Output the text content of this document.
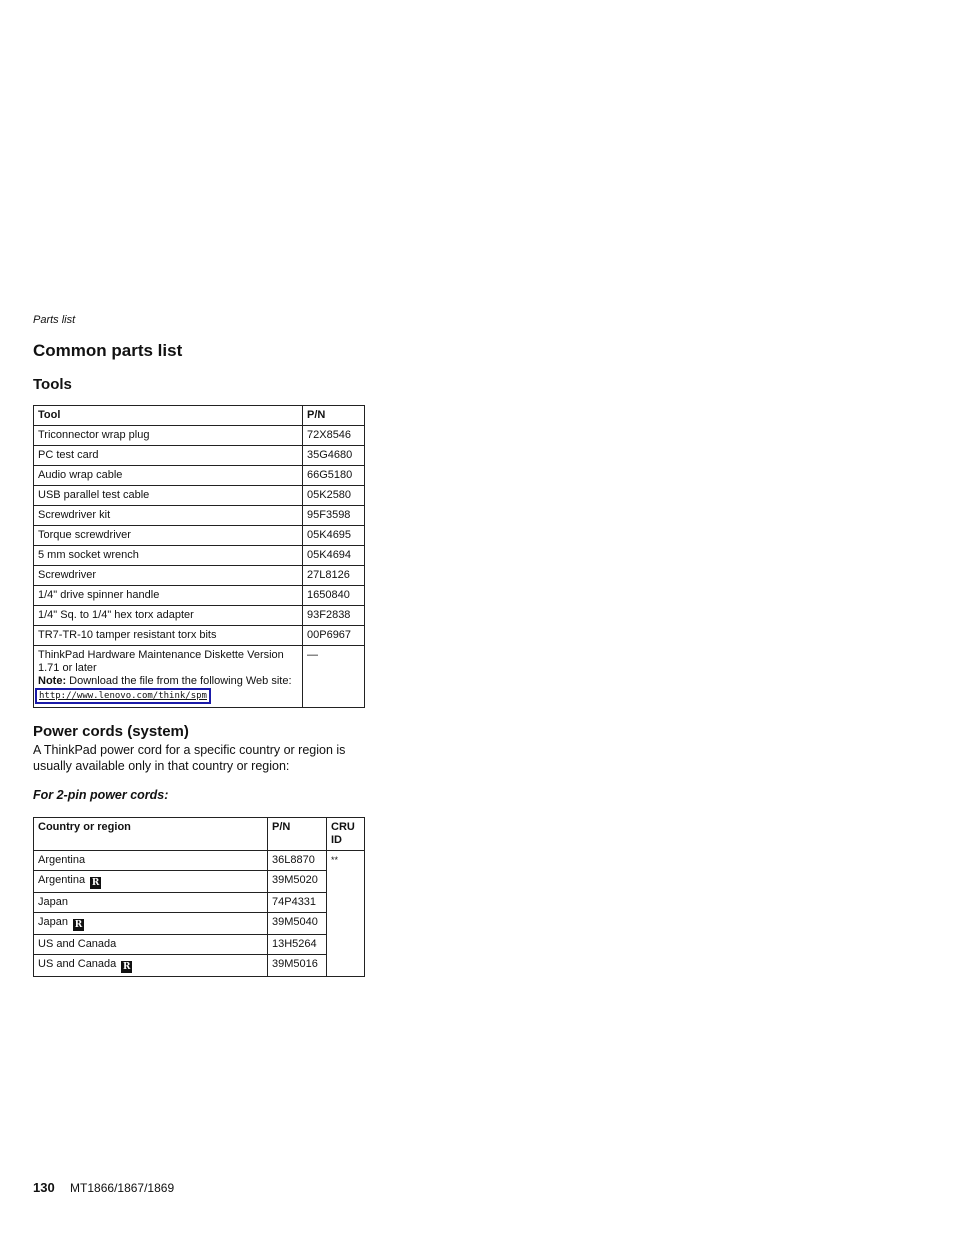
Parts list
Common parts list
Tools
Tool	P/N
Triconnector wrap plug	72X8546
PC test card	35G4680
Audio wrap cable	66G5180
USB parallel test cable	05K2580
Screwdriver kit	95F3598
Torque screwdriver	05K4695
5 mm socket wrench	05K4694
Screwdriver	27L8126
1/4" drive spinner handle	1650840
1/4" Sq. to 1/4" hex torx adapter	93F2838
TR7-TR-10 tamper resistant torx bits	00P6967

ThinkPad Hardware Maintenance Diskette Version 1.71 or later
Note: Download the file from the following Web site:
http://www.lenovo.com/think/spm	—
Power cords (system)

A ThinkPad power cord for a specific country or region is usually available only in that country or region:

For 2-pin power cords:
Country or region	P/N	CRU ID
Argentina	36L8870	**
Argentina R	39M5020	
Japan	74P4331	
Japan R	39M5040	
US and Canada	13H5264	
US and Canada R	39M5016	
130 MT1866/1867/1869
